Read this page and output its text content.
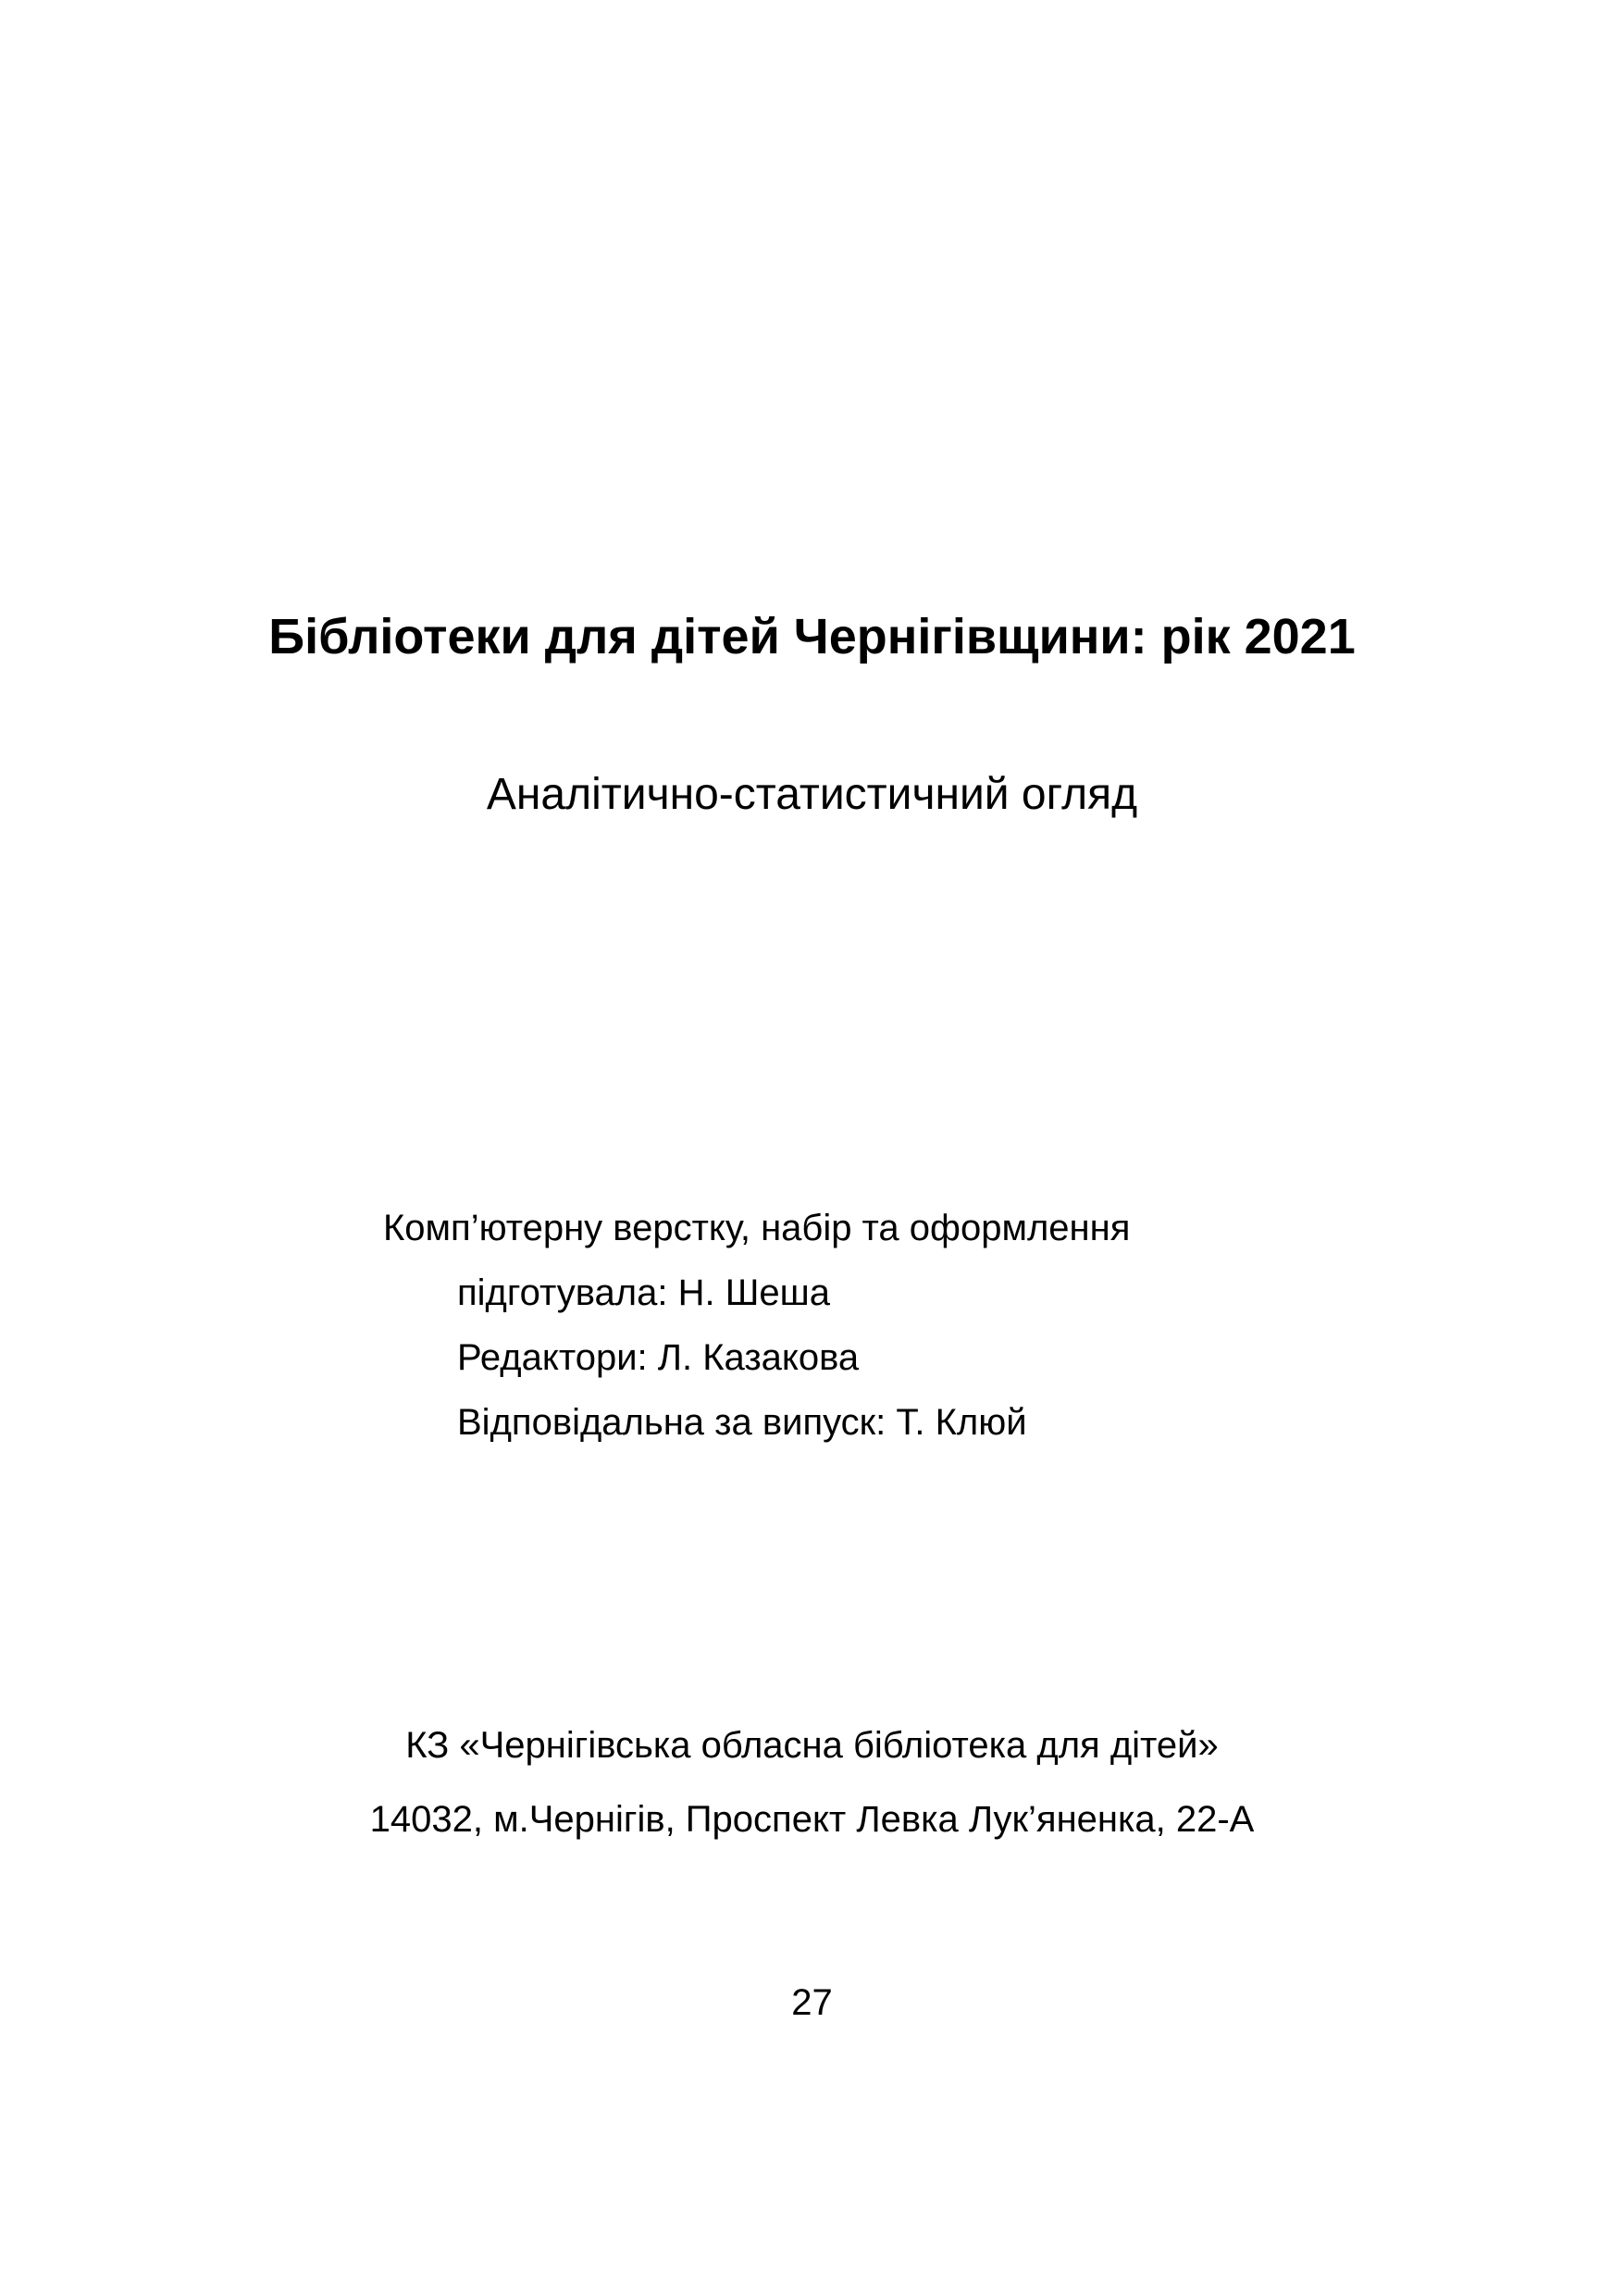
Бібліотеки для дітей Чернігівщини: рік 2021
Аналітично-статистичний огляд
Комп’ютерну верстку, набір та оформлення
підготувала: Н. Шеша
Редактори: Л. Казакова
Відповідальна за випуск: Т. Клюй
КЗ «Чернігівська обласна бібліотека для дітей»
14032, м.Чернігів, Проспект Левка Лук’яненка, 22-А
27
